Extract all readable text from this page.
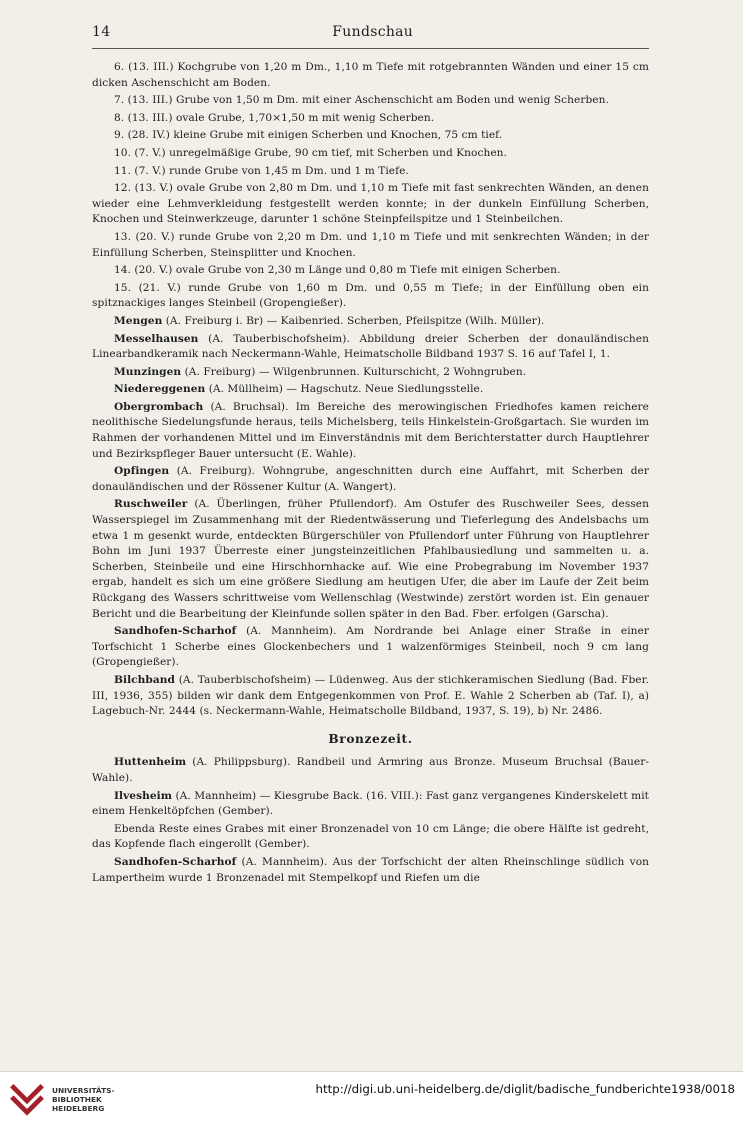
14	Fundschau

6. (13. III.) Kochgrube von 1,20 m Dm., 1,10 m Tiefe mit rotgebrannten Wänden und einer 15 cm dicken Aschenschicht am Boden.

7. (13. III.) Grube von 1,50 m Dm. mit einer Aschenschicht am Boden und wenig Scherben.

8. (13. III.) ovale Grube, 1,70×1,50 m mit wenig Scherben.

9. (28. IV.) kleine Grube mit einigen Scherben und Knochen, 75 cm tief.

10. (7. V.) unregelmäßige Grube, 90 cm tief, mit Scherben und Knochen.

11. (7. V.) runde Grube von 1,45 m Dm. und 1 m Tiefe.

12. (13. V.) ovale Grube von 2,80 m Dm. und 1,10 m Tiefe mit fast senkrechten Wänden, an denen wieder eine Lehmverkleidung festgestellt werden konnte; in der dunkeln Einfüllung Scherben, Knochen und Steinwerkzeuge, darunter 1 schöne Steinpfeilspitze und 1 Steinbeilchen.

13. (20. V.) runde Grube von 2,20 m Dm. und 1,10 m Tiefe und mit senkrechten Wänden; in der Einfüllung Scherben, Steinsplitter und Knochen.

14. (20. V.) ovale Grube von 2,30 m Länge und 0,80 m Tiefe mit einigen Scherben.

15. (21. V.) runde Grube von 1,60 m Dm. und 0,55 m Tiefe; in der Einfüllung oben ein spitznackiges langes Steinbeil (Gropengießer).

Mengen (A. Freiburg i. Br) — Kaibenried. Scherben, Pfeilspitze (Wilh. Müller).

Messelhausen (A. Tauberbischofsheim). Abbildung dreier Scherben der donauländischen Linearbandkeramik nach Neckermann-Wahle, Heimatscholle Bildband 1937 S. 16 auf Tafel I, 1.

Munzingen (A. Freiburg) — Wilgenbrunnen. Kulturschicht, 2 Wohngruben.

Niedereggenen (A. Müllheim) — Hagschutz. Neue Siedlungsstelle.

Obergrombach (A. Bruchsal). Im Bereiche des merowingischen Friedhofes kamen reichere neolithische Siedelungsfunde heraus, teils Michelsberg, teils Hinkelstein-Großgartach. Sie wurden im Rahmen der vorhandenen Mittel und im Einverständnis mit dem Berichterstatter durch Hauptlehrer und Bezirkspfleger Bauer untersucht (E. Wahle).

Opfingen (A. Freiburg). Wohngrube, angeschnitten durch eine Auffahrt, mit Scherben der donauländischen und der Rössener Kultur (A. Wangert).

Ruschweiler (A. Überlingen, früher Pfullendorf). Am Ostufer des Ruschweiler Sees, dessen Wasserspiegel im Zusammenhang mit der Riedentwässerung und Tieferlegung des Andelsbachs um etwa 1 m gesenkt wurde, entdeckten Bürgerschüler von Pfullendorf unter Führung von Hauptlehrer Bohn im Juni 1937 Überreste einer jungsteinzeitlichen Pfahlbausiedlung und sammelten u. a. Scherben, Steinbeile und eine Hirschhornhacke auf. Wie eine Probegrabung im November 1937 ergab, handelt es sich um eine größere Siedlung am heutigen Ufer, die aber im Laufe der Zeit beim Rückgang des Wassers schrittweise vom Wellenschlag (Westwinde) zerstört worden ist. Ein genauer Bericht und die Bearbeitung der Kleinfunde sollen später in den Bad. Fber. erfolgen (Garscha).

Sandhofen-Scharhof (A. Mannheim). Am Nordrande bei Anlage einer Straße in einer Torfschicht 1 Scherbe eines Glockenbechers und 1 walzenförmiges Steinbeil, noch 9 cm lang (Gropengießer).

Bilchband (A. Tauberbischofsheim) — Lüdenweg. Aus der stichkeramischen Siedlung (Bad. Fber. III, 1936, 355) bilden wir dank dem Entgegenkommen von Prof. E. Wahle 2 Scherben ab (Taf. I), a) Lagebuch-Nr. 2444 (s. Neckermann-Wahle, Heimatscholle Bildband, 1937, S. 19), b) Nr. 2486.

Bronzezeit.

Huttenheim (A. Philippsburg). Randbeil und Armring aus Bronze. Museum Bruchsal (Bauer-Wahle).

Ilvesheim (A. Mannheim) — Kiesgrube Back. (16. VIII.): Fast ganz vergangenes Kinderskelett mit einem Henkeltöpfchen (Gember).

Ebenda Reste eines Grabes mit einer Bronzenadel von 10 cm Länge; die obere Hälfte ist gedreht, das Kopfende flach eingerollt (Gember).

Sandhofen-Scharhof (A. Mannheim). Aus der Torfschicht der alten Rheinschlinge südlich von Lampertheim wurde 1 Bronzenadel mit Stempelkopf und Riefen um die

UNIVERSITÄTS-
BIBLIOTHEK
HEIDELBERG
http://digi.ub.uni-heidelberg.de/diglit/badische_fundberichte1938/0018
